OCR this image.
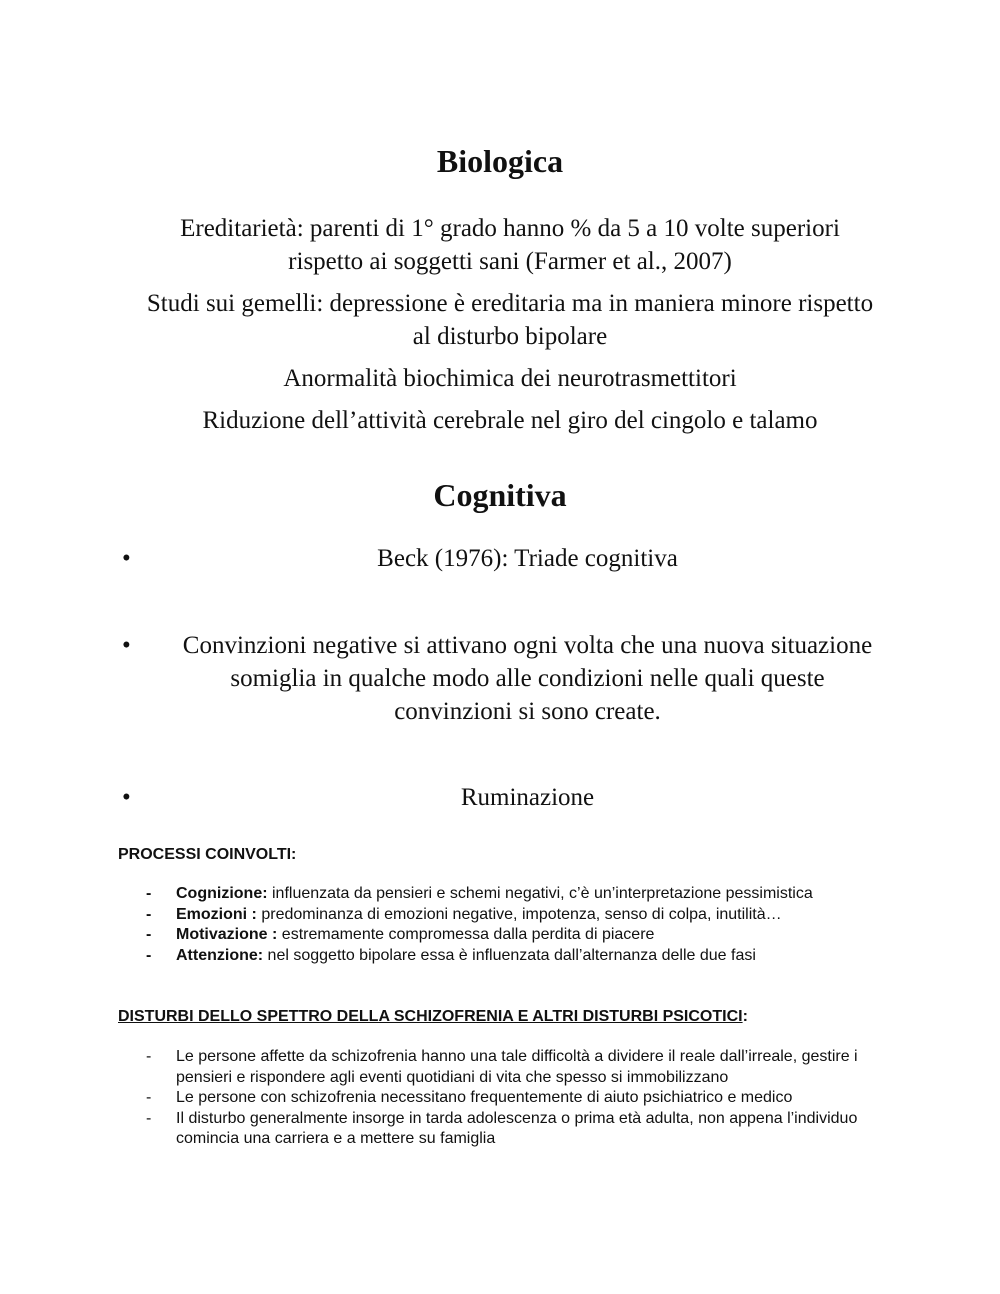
Biologica

Ereditarietà: parenti di 1° grado hanno % da 5 a 10 volte superiori rispetto ai soggetti sani (Farmer et al., 2007)

Studi sui gemelli: depressione è ereditaria ma in maniera minore rispetto al disturbo bipolare

Anormalità biochimica dei neurotrasmettitori

Riduzione dell’attività cerebrale nel giro del cingolo e talamo

Cognitiva
•	Beck (1976): Triade cognitiva
•	Convinzioni negative si attivano ogni volta che una nuova situazione somiglia in qualche modo alle condizioni nelle quali queste convinzioni si sono create.
•	Ruminazione

PROCESSI COINVOLTI:

- Cognizione: influenzata da pensieri e schemi negativi, c’è un’interpretazione pessimistica
- Emozioni : predominanza di emozioni negative, impotenza, senso di colpa, inutilità…
- Motivazione : estremamente compromessa dalla perdita di piacere
- Attenzione: nel soggetto bipolare essa è influenzata dall’alternanza delle due fasi

DISTURBI DELLO SPETTRO DELLA SCHIZOFRENIA E ALTRI DISTURBI PSICOTICI:

- Le persone affette da schizofrenia hanno una tale difficoltà a dividere il reale dall’irreale, gestire i pensieri e rispondere agli eventi quotidiani di vita che spesso si immobilizzano
- Le persone con schizofrenia necessitano frequentemente di aiuto psichiatrico e medico
- Il disturbo generalmente insorge in tarda adolescenza o prima età adulta, non appena l’individuo comincia una carriera e a mettere su famiglia
